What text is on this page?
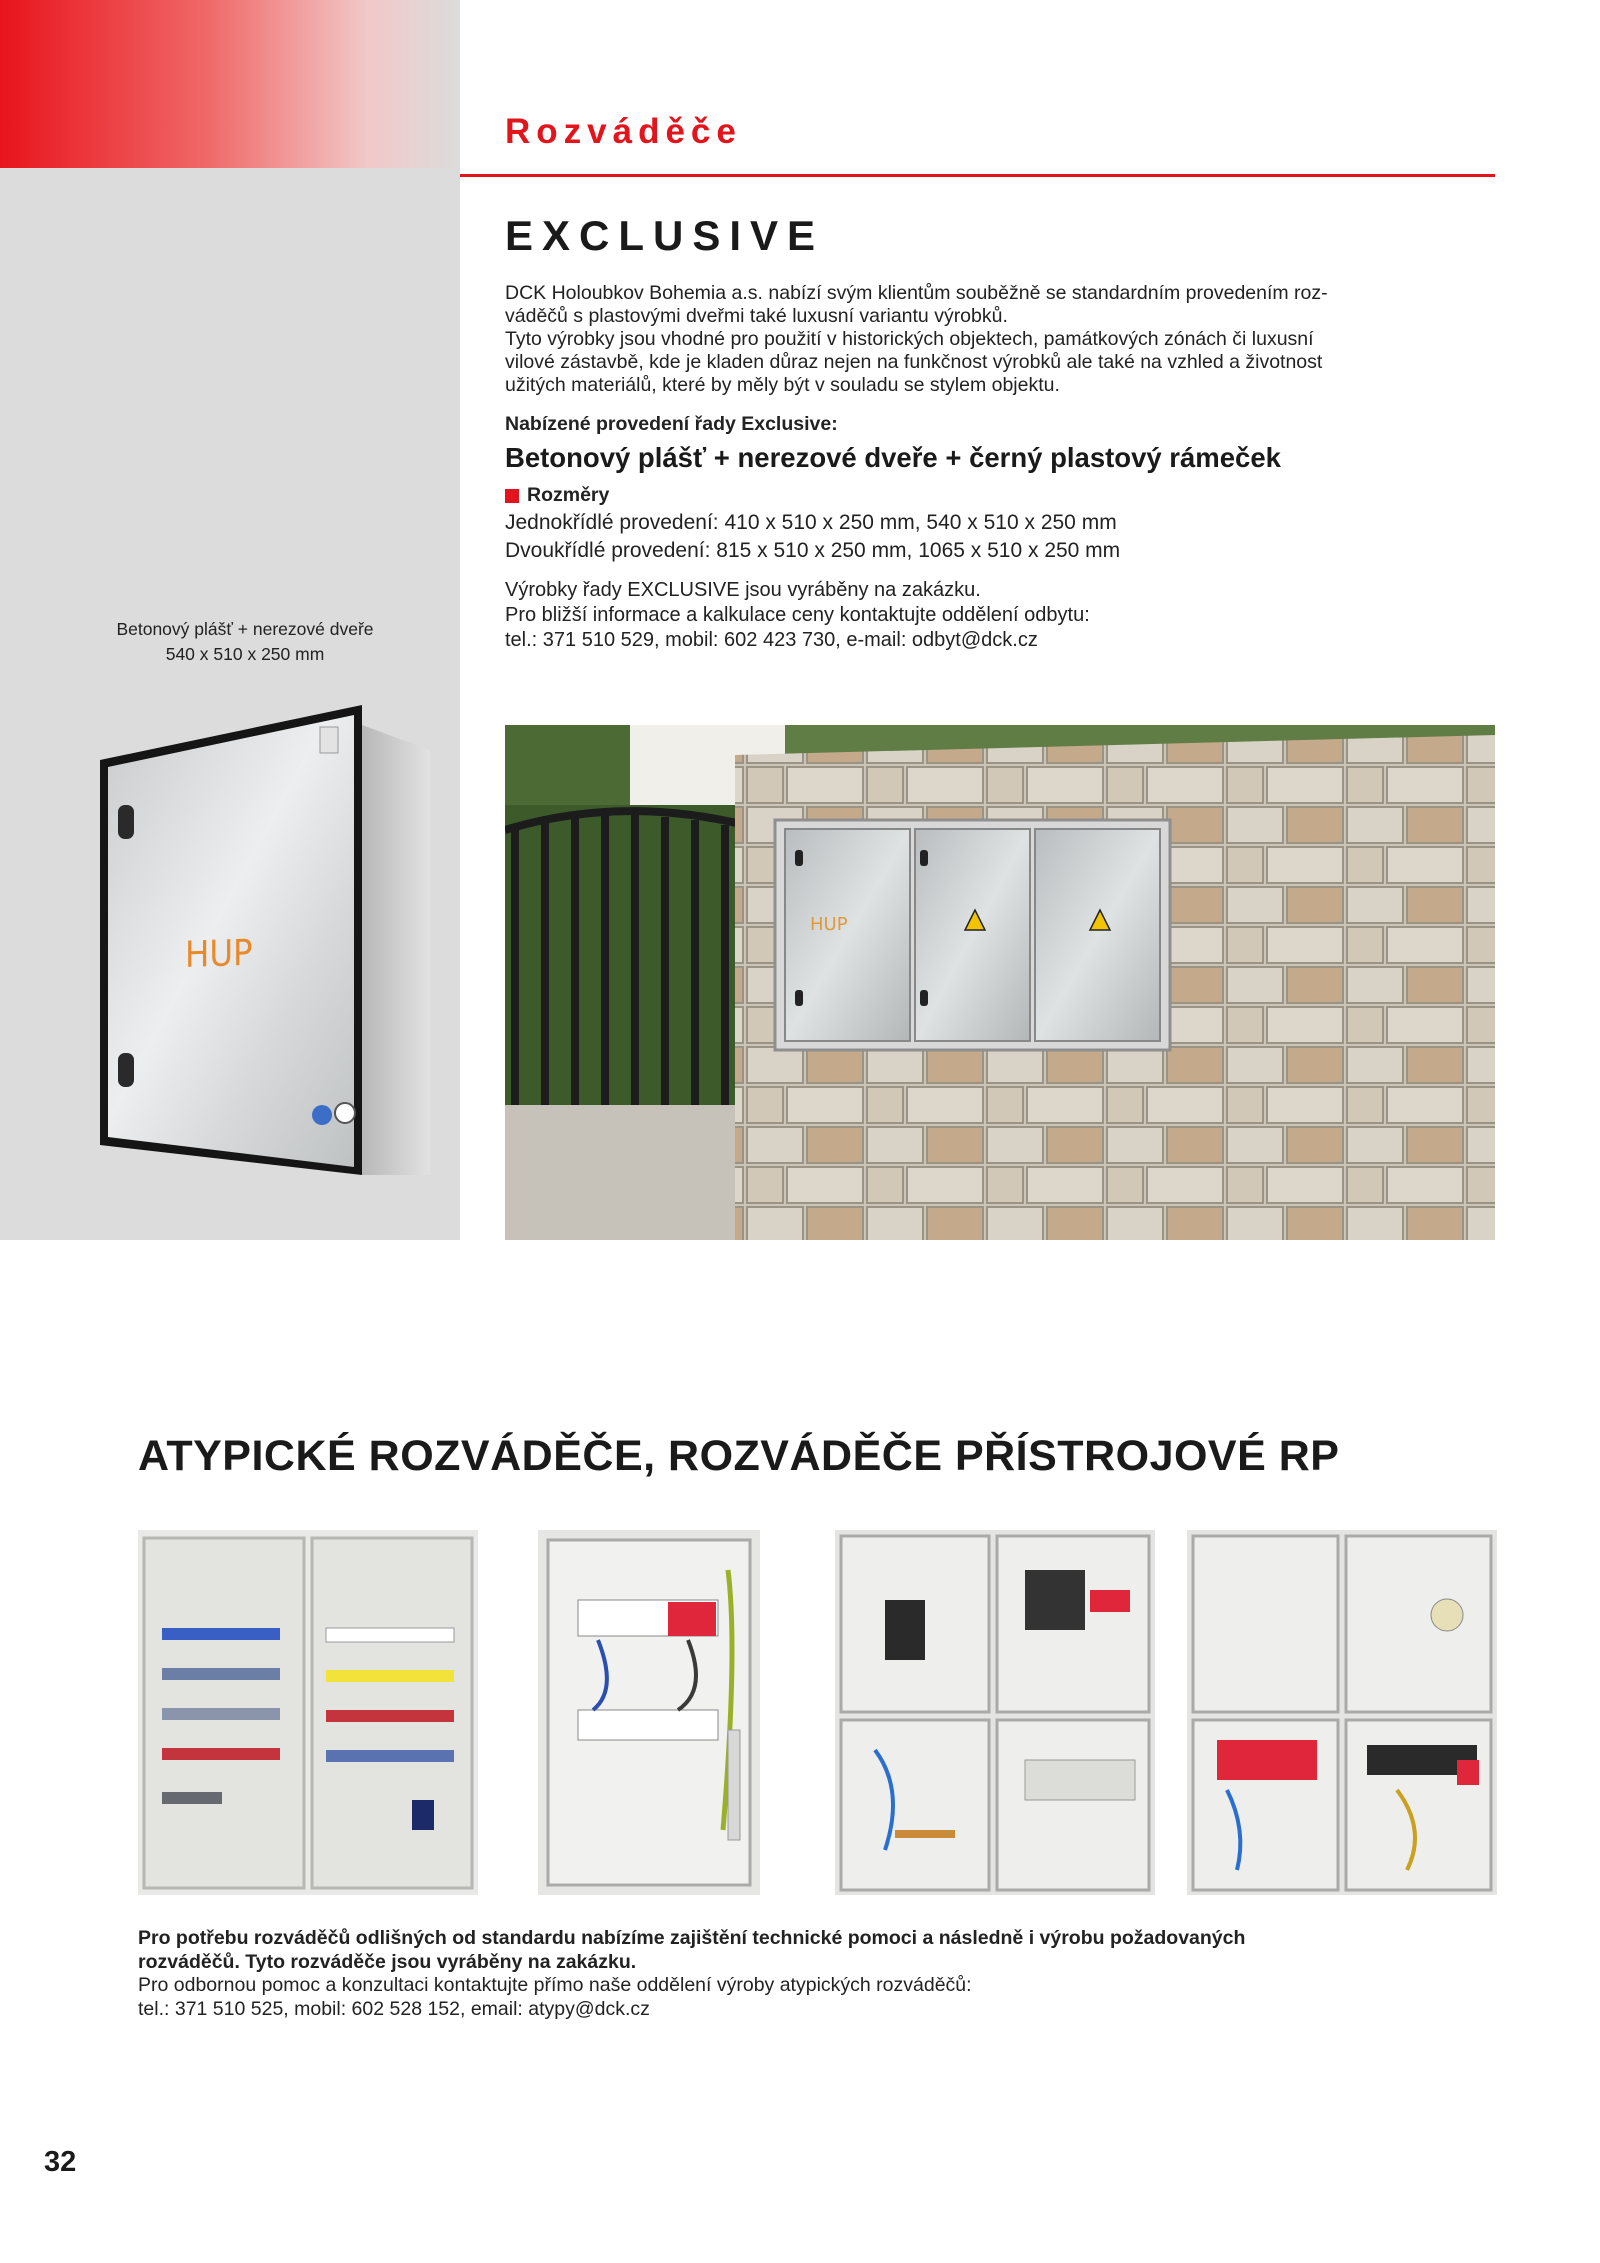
Rozváděče
EXCLUSIVE
DCK Holoubkov Bohemia a.s. nabízí svým klientům souběžně se standardním provedením roz-
váděčů s plastovými dveřmi také luxusní variantu výrobků.
Tyto výrobky jsou vhodné pro použití v historických objektech, památkových zónách či luxusní
vilové zástavbě, kde je kladen důraz nejen na funkčnost výrobků ale také na vzhled a životnost
užitých materiálů, které by měly být v souladu se stylem objektu.
Nabízené provedení řady Exclusive:
Betonový plášť + nerezové dveře + černý plastový rámeček
Rozměry
Jednokřídlé provedení: 410 x 510 x 250 mm, 540 x 510 x 250 mm
Dvoukřídlé provedení: 815 x 510 x 250 mm, 1065 x 510 x 250 mm
Výrobky řady EXCLUSIVE jsou vyráběny na zakázku.
Pro bližší informace a kalkulace ceny kontaktujte oddělení odbytu:
tel.: 371 510 529, mobil: 602 423 730, e-mail: odbyt@dck.cz
Betonový plášť + nerezové dveře
540 x 510 x 250 mm
HUP
HUP
ATYPICKÉ ROZVÁDĚČE, ROZVÁDĚČE PŘÍSTROJOVÉ RP
Pro potřebu rozváděčů odlišných od standardu nabízíme zajištění technické pomoci a následně i výrobu požadovaných
rozváděčů. Tyto rozváděče jsou vyráběny na zakázku.
Pro odbornou pomoc a konzultaci kontaktujte přímo naše oddělení výroby atypických rozváděčů:
tel.: 371 510 525, mobil: 602 528 152, email: atypy@dck.cz
32
